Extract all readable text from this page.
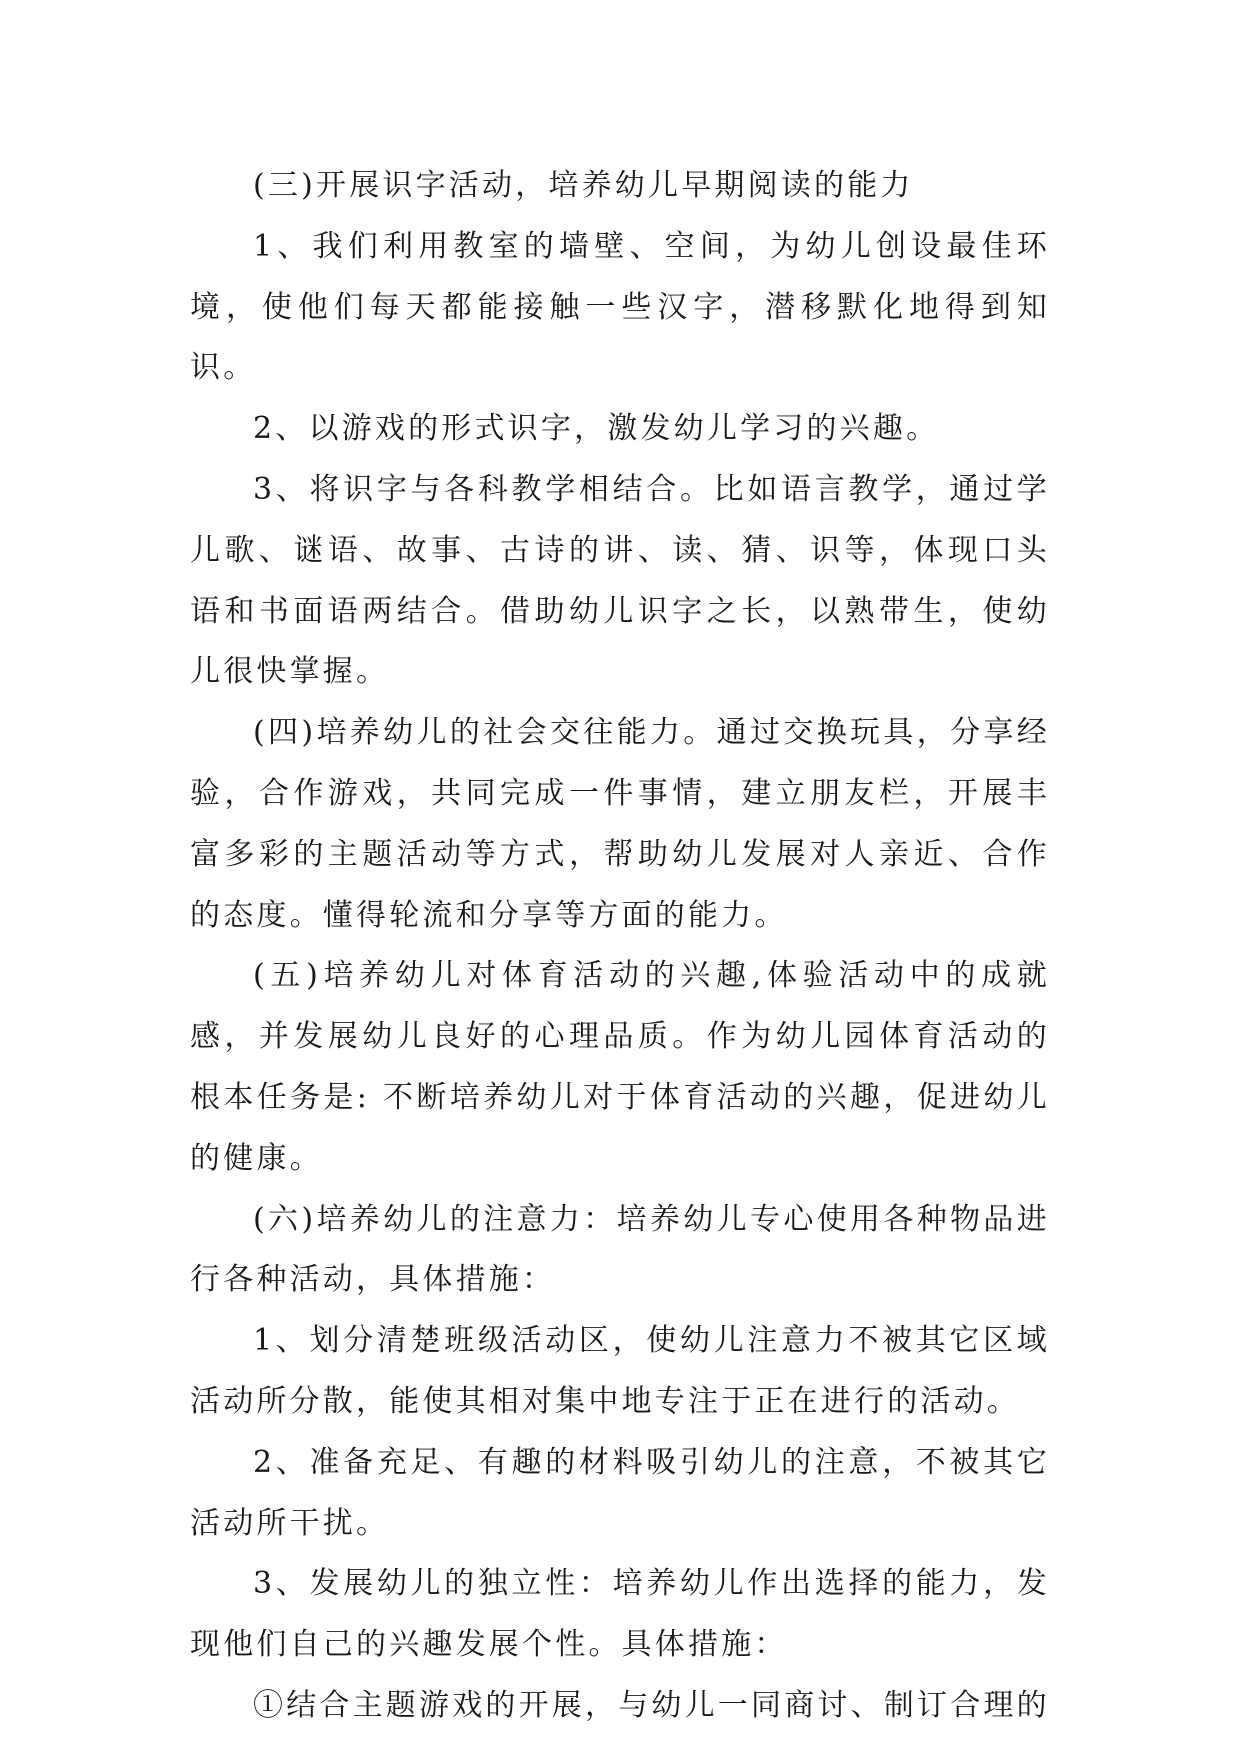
(三)开展识字活动，培养幼儿早期阅读的能力

1、我们利用教室的墙壁、空间，为幼儿创设最佳环境，使他们每天都能接触一些汉字，潜移默化地得到知识。

2、以游戏的形式识字，激发幼儿学习的兴趣。

3、将识字与各科教学相结合。比如语言教学，通过学儿歌、谜语、故事、古诗的讲、读、猜、识等，体现口头语和书面语两结合。借助幼儿识字之长，以熟带生，使幼儿很快掌握。

(四)培养幼儿的社会交往能力。通过交换玩具，分享经验，合作游戏，共同完成一件事情，建立朋友栏，开展丰富多彩的主题活动等方式，帮助幼儿发展对人亲近、合作的态度。懂得轮流和分享等方面的能力。

(五)培养幼儿对体育活动的兴趣,体验活动中的成就感，并发展幼儿良好的心理品质。作为幼儿园体育活动的根本任务是: 不断培养幼儿对于体育活动的兴趣，促进幼儿的健康。

(六)培养幼儿的注意力：培养幼儿专心使用各种物品进行各种活动，具体措施：

1、划分清楚班级活动区，使幼儿注意力不被其它区域活动所分散，能使其相对集中地专注于正在进行的活动。

2、准备充足、有趣的材料吸引幼儿的注意，不被其它活动所干扰。

3、发展幼儿的独立性：培养幼儿作出选择的能力，发现他们自己的兴趣发展个性。具体措施：

①结合主题游戏的开展，与幼儿一同商讨、制订合理的
